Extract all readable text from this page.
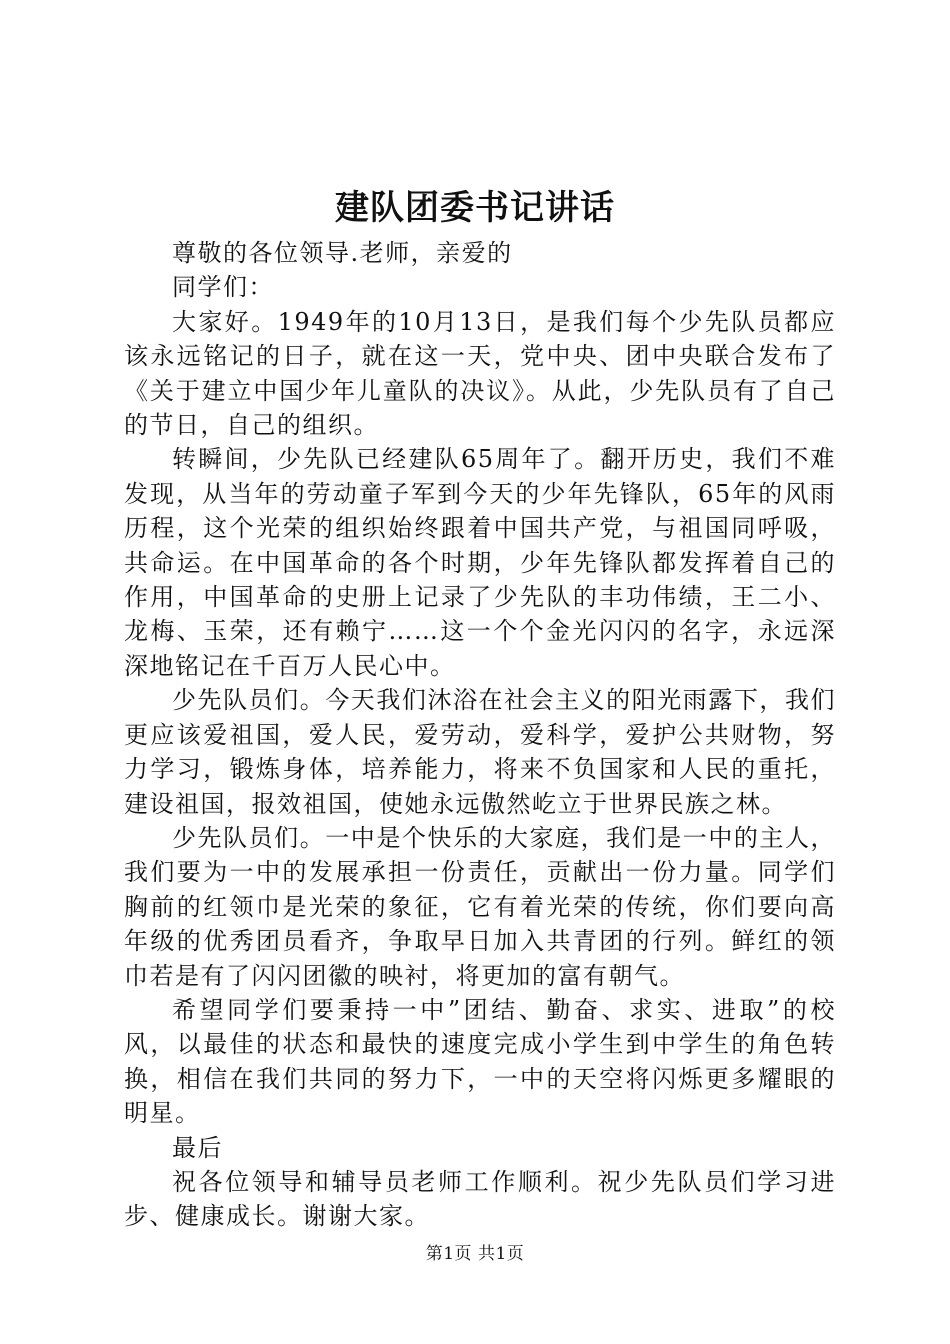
建队团委书记讲话

尊敬的各位领导.老师，亲爱的

同学们：

大家好。1949年的10月13日，是我们每个少先队员都应该永远铭记的日子，就在这一天，党中央、团中央联合发布了《关于建立中国少年儿童队的决议》。从此，少先队员有了自己的节日，自己的组织。

转瞬间，少先队已经建队65周年了。翻开历史，我们不难发现，从当年的劳动童子军到今天的少年先锋队，65年的风雨历程，这个光荣的组织始终跟着中国共产党，与祖国同呼吸，共命运。在中国革命的各个时期，少年先锋队都发挥着自己的作用，中国革命的史册上记录了少先队的丰功伟绩，王二小、龙梅、玉荣，还有赖宁……这一个个金光闪闪的名字，永远深深地铭记在千百万人民心中。

少先队员们。今天我们沐浴在社会主义的阳光雨露下，我们更应该爱祖国，爱人民，爱劳动，爱科学，爱护公共财物，努力学习，锻炼身体，培养能力，将来不负国家和人民的重托，建设祖国，报效祖国，使她永远傲然屹立于世界民族之林。

少先队员们。一中是个快乐的大家庭，我们是一中的主人，我们要为一中的发展承担一份责任，贡献出一份力量。同学们胸前的红领巾是光荣的象征，它有着光荣的传统，你们要向高年级的优秀团员看齐，争取早日加入共青团的行列。鲜红的领巾若是有了闪闪团徽的映衬，将更加的富有朝气。

希望同学们要秉持一中”团结、勤奋、求实、进取”的校风，以最佳的状态和最快的速度完成小学生到中学生的角色转换，相信在我们共同的努力下，一中的天空将闪烁更多耀眼的明星。

最后

祝各位领导和辅导员老师工作顺利。祝少先队员们学习进步、健康成长。谢谢大家。

第1页 共1页
